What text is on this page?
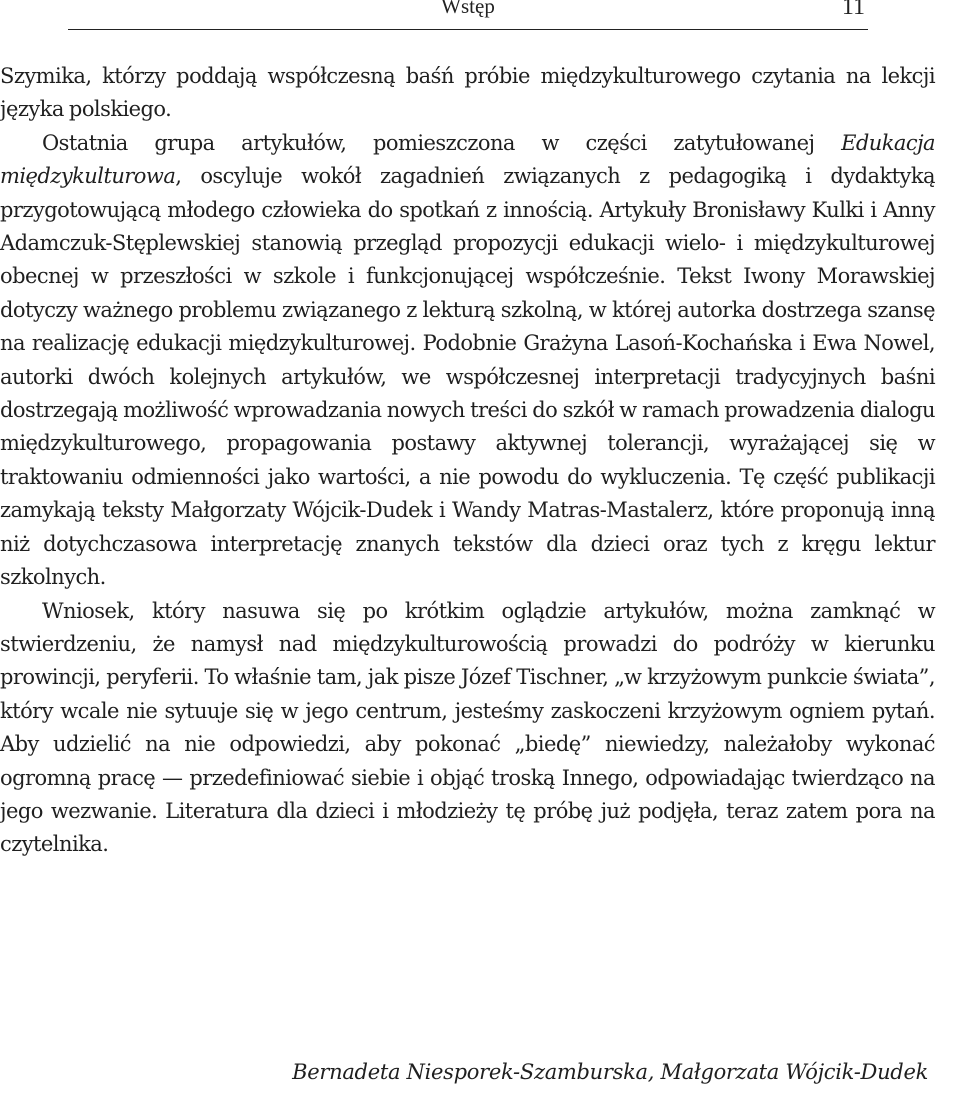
Wstęp	11

Szymika, którzy poddają współczesną baśń próbie międzykulturowego czytania na lekcji języka polskiego.

Ostatnia grupa artykułów, pomieszczona w części zatytułowanej Edukacja międzykulturowa, oscyluje wokół zagadnień związanych z pedagogiką i dydaktyką przygotowującą młodego człowieka do spotkań z innością. Artykuły Bronisławy Kulki i Anny Adamczuk-Stęplewskiej stanowią przegląd propozycji edukacji wielo- i międzykulturowej obecnej w przeszłości w szkole i funkcjonującej współcześnie. Tekst Iwony Morawskiej dotyczy ważnego problemu związanego z lekturą szkolną, w której autorka dostrzega szansę na realizację edukacji międzykulturowej. Podobnie Grażyna Lasoń-Kochańska i Ewa Nowel, autorki dwóch kolejnych artykułów, we współczesnej interpretacji tradycyjnych baśni dostrzegają możliwość wprowadzania nowych treści do szkół w ramach prowadzenia dialogu międzykulturowego, propagowania postawy aktywnej tolerancji, wyrażającej się w traktowaniu odmienności jako wartości, a nie powodu do wykluczenia. Tę część publikacji zamykają teksty Małgorzaty Wójcik-Dudek i Wandy Matras-Mastalerz, które proponują inną niż dotychczasowa interpretację znanych tekstów dla dzieci oraz tych z kręgu lektur szkolnych.

Wniosek, który nasuwa się po krótkim oglądzie artykułów, można zamknąć w stwierdzeniu, że namysł nad międzykulturowością prowadzi do podróży w kierunku prowincji, peryferii. To właśnie tam, jak pisze Józef Tischner, „w krzyżowym punkcie świata”, który wcale nie sytuuje się w jego centrum, jesteśmy zaskoczeni krzyżowym ogniem pytań. Aby udzielić na nie odpowiedzi, aby pokonać „biedę” niewiedzy, należałoby wykonać ogromną pracę — przedefiniować siebie i objąć troską Innego, odpowiadając twierdząco na jego wezwanie. Literatura dla dzieci i młodzieży tę próbę już podjęła, teraz zatem pora na czytelnika.

Bernadeta Niesporek-Szamburska, Małgorzata Wójcik-Dudek
